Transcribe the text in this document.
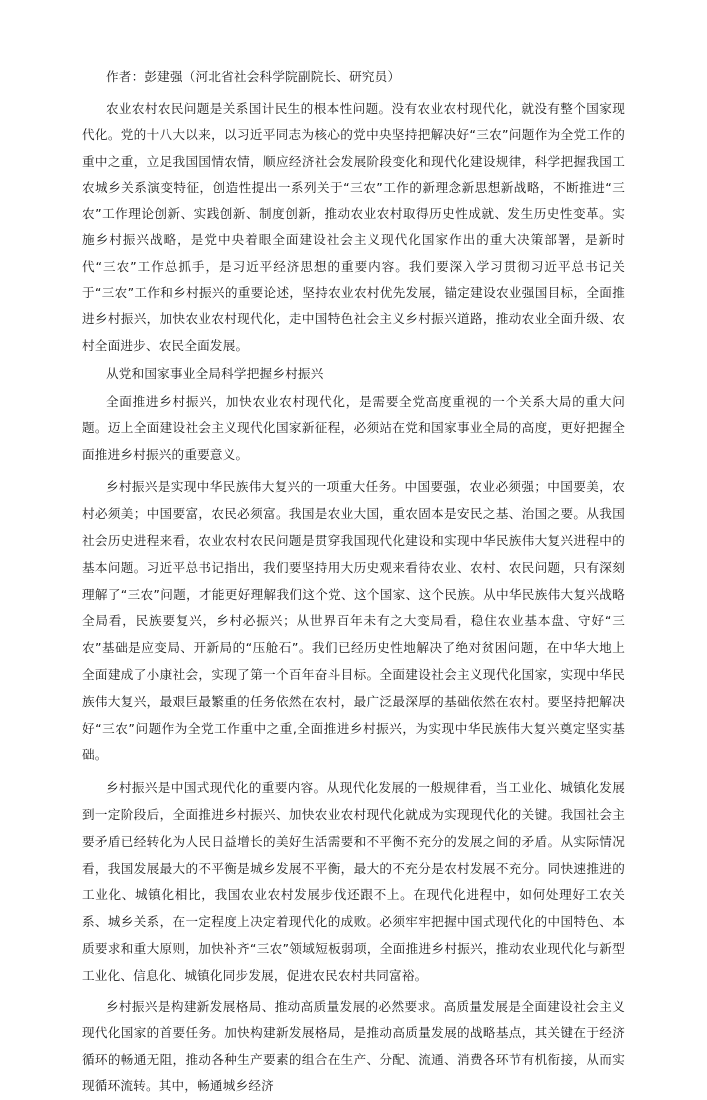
作者：彭建强（河北省社会科学院副院长、研究员）

农业农村农民问题是关系国计民生的根本性问题。没有农业农村现代化，就没有整个国家现代化。党的十八大以来，以习近平同志为核心的党中央坚持把解决好“三农”问题作为全党工作的重中之重，立足我国国情农情，顺应经济社会发展阶段变化和现代化建设规律，科学把握我国工农城乡关系演变特征，创造性提出一系列关于“三农”工作的新理念新思想新战略，不断推进“三农”工作理论创新、实践创新、制度创新，推动农业农村取得历史性成就、发生历史性变革。实施乡村振兴战略，是党中央着眼全面建设社会主义现代化国家作出的重大决策部署，是新时代“三农”工作总抓手，是习近平经济思想的重要内容。我们要深入学习贯彻习近平总书记关于“三农”工作和乡村振兴的重要论述，坚持农业农村优先发展，锚定建设农业强国目标，全面推进乡村振兴，加快农业农村现代化，走中国特色社会主义乡村振兴道路，推动农业全面升级、农村全面进步、农民全面发展。

从党和国家事业全局科学把握乡村振兴

全面推进乡村振兴，加快农业农村现代化，是需要全党高度重视的一个关系大局的重大问题。迈上全面建设社会主义现代化国家新征程，必须站在党和国家事业全局的高度，更好把握全面推进乡村振兴的重要意义。

乡村振兴是实现中华民族伟大复兴的一项重大任务。中国要强，农业必须强；中国要美，农村必须美；中国要富，农民必须富。我国是农业大国，重农固本是安民之基、治国之要。从我国社会历史进程来看，农业农村农民问题是贯穿我国现代化建设和实现中华民族伟大复兴进程中的基本问题。习近平总书记指出，我们要坚持用大历史观来看待农业、农村、农民问题，只有深刻理解了“三农”问题，才能更好理解我们这个党、这个国家、这个民族。从中华民族伟大复兴战略全局看，民族要复兴，乡村必振兴；从世界百年未有之大变局看，稳住农业基本盘、守好“三农”基础是应变局、开新局的“压舱石”。我们已经历史性地解决了绝对贫困问题，在中华大地上全面建成了小康社会，实现了第一个百年奋斗目标。全面建设社会主义现代化国家，实现中华民族伟大复兴，最艰巨最繁重的任务依然在农村，最广泛最深厚的基础依然在农村。要坚持把解决好“三农”问题作为全党工作重中之重,全面推进乡村振兴，为实现中华民族伟大复兴奠定坚实基础。

乡村振兴是中国式现代化的重要内容。从现代化发展的一般规律看，当工业化、城镇化发展到一定阶段后，全面推进乡村振兴、加快农业农村现代化就成为实现现代化的关键。我国社会主要矛盾已经转化为人民日益增长的美好生活需要和不平衡不充分的发展之间的矛盾。从实际情况看，我国发展最大的不平衡是城乡发展不平衡，最大的不充分是农村发展不充分。同快速推进的工业化、城镇化相比，我国农业农村发展步伐还跟不上。在现代化进程中，如何处理好工农关系、城乡关系，在一定程度上决定着现代化的成败。必须牢牢把握中国式现代化的中国特色、本质要求和重大原则，加快补齐“三农”领域短板弱项，全面推进乡村振兴，推动农业现代化与新型工业化、信息化、城镇化同步发展，促进农民农村共同富裕。

乡村振兴是构建新发展格局、推动高质量发展的必然要求。高质量发展是全面建设社会主义现代化国家的首要任务。加快构建新发展格局，是推动高质量发展的战略基点，其关键在于经济循环的畅通无阻，推动各种生产要素的组合在生产、分配、流通、消费各环节有机衔接，从而实现循环流转。其中，畅通城乡经济
